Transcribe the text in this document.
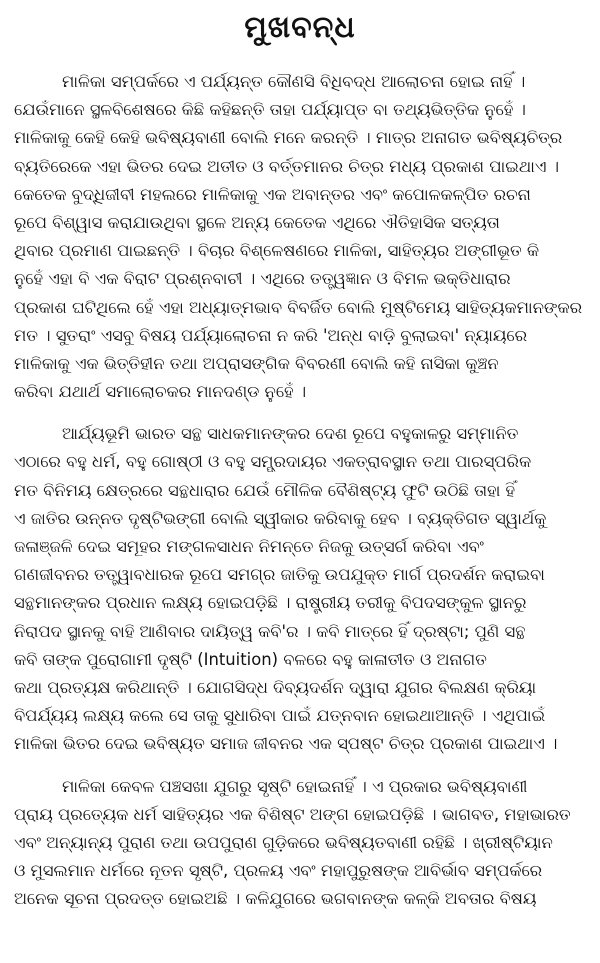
ମୁଖବନ୍ଧ
ମାଳିକା ସମ୍ପର୍କରେ ଏ ପର୍ଯ୍ୟନ୍ତ କୌଣସି ବିଧିବଦ୍ଧ ଆଲୋଚନା ହୋଇ ନାହିଁ ।
ଯେଉଁମାନେ ସ୍ଥଳବିଶେଷରେ କିଛି କହିଛନ୍ତି ତାହା ପର୍ଯ୍ୟାପ୍ତ ବା ତଥ୍ୟଭିତ୍ତିକ ନୁହେଁ ।
ମାଳିକାକୁ କେହି କେହି ଭବିଷ୍ୟବାଣୀ ବୋଲି ମନେ କରନ୍ତି । ମାତ୍ର ଅନାଗତ ଭବିଷ୍ୟଚିତ୍ର
ବ୍ୟତିରେକେ ଏହା ଭିତର ଦେଇ ଅତୀତ ଓ ବର୍ତ୍ତମାନର ଚିତ୍ର ମଧ୍ୟ ପ୍ରକାଶ ପାଇଥାଏ ।
କେତେକ ବୁଦ୍ଧିଜୀବୀ ମହଲରେ ମାଳିକାକୁ ଏକ ଅବାନ୍ତର ଏବଂ କପୋଳକଳ୍ପିତ ରଚନା
ରୂପେ ବିଶ୍ୱାସ କରାଯାଉଥିବା ସ୍ଥଳେ ଅନ୍ୟ କେତେକ ଏଥିରେ ଐତିହାସିକ ସତ୍ୟତା
ଥିବାର ପ୍ରମାଣ ପାଇଛନ୍ତି । ବିଚାର ବିଶ୍ଳେଷଣରେ ମାଳିକା, ସାହିତ୍ୟର ଅଙ୍ଗୀଭୂତ କି
ନୁହେଁ ଏହା ବି ଏକ ବିରାଟ ପ୍ରଶ୍ନବାଚୀ । ଏଥିରେ ତତ୍ତ୍ୱଜ୍ଞାନ ଓ ବିମଳ ଭକ୍ତିଧାରାର
ପ୍ରକାଶ ଘଟିଥିଲେ ହେଁ ଏହା ଅଧ୍ୟାତ୍ମଭାବ ବିବର୍ଜିତ ବୋଲି ମୁଷ୍ଟିମେୟ ସାହିତ୍ୟକମାନଙ୍କର
ମତ । ସୁତରାଂ ଏସବୁ ବିଷୟ ପର୍ଯ୍ୟାଲୋଚନା ନ କରି 'ଅନ୍ଧ ବାଡ଼ି ବୁଲାଇବା' ନ୍ୟାୟରେ
ମାଳିକାକୁ ଏକ ଭିତ୍ତିହୀନ ତଥା ଅପ୍ରାସଙ୍ଗିକ ବିବରଣୀ ବୋଲି କହି ନାସିକା କୁଞ୍ଚନ
କରିବା ଯଥାର୍ଥ ସମାଲୋଚକର ମାନଦଣ୍ଡ ନୁହେଁ ।
ଆର୍ଯ୍ୟଭୂମି ଭାରତ ସନ୍ଥ ସାଧକମାନଙ୍କର ଦେଶ ରୂପେ ବହୁକାଳରୁ ସମ୍ମାନିତ
ଏଠାରେ ବହୁ ଧର୍ମ, ବହୁ ଗୋଷ୍ଠୀ ଓ ବହୁ ସମ୍ପ୍ରଦାୟର ଏକତ୍ରାବସ୍ଥାନ ତଥା ପାରସ୍ପରିକ
ମତ ବିନିମୟ କ୍ଷେତ୍ରରେ ସନ୍ଥଧାରାର ଯେଉଁ ମୌଳିକ ବୈଶିଷ୍ଟ୍ୟ ଫୁଟି ଉଠିଛି ତାହା ହିଁ
ଏ ଜାତିର ଉନ୍ନତ ଦୃଷ୍ଟିଭଙ୍ଗୀ ବୋଲି ସ୍ୱୀକାର କରିବାକୁ ହେବ । ବ୍ୟକ୍ତିଗତ ସ୍ୱାର୍ଥକୁ
ଜଳାଞ୍ଜଳି ଦେଇ ସମୂହର ମଙ୍ଗଳସାଧନ ନିମନ୍ତେ ନିଜକୁ ଉତ୍ସର୍ଗ କରିବା ଏବଂ
ଗଣଜୀବନର ତତ୍ତ୍ୱାବଧାରକ ରୂପେ ସମଗ୍ର ଜାତିକୁ ଉପଯୁକ୍ତ ମାର୍ଗ ପ୍ରଦର୍ଶନ କରାଇବା
ସନ୍ଥମାନଙ୍କର ପ୍ରଧାନ ଲକ୍ଷ୍ୟ ହୋଇପଡ଼ିଛି । ରାଷ୍ଟ୍ରୀୟ ତରୀକୁ ବିପଦସଙ୍କୁଳ ସ୍ଥାନରୁ
ନିରାପଦ ସ୍ଥାନକୁ ବାହି ଆଣିବାର ଦାୟିତ୍ୱ କବି'ର । କବି ମାତ୍ରେ ହିଁ ଦ୍ରଷ୍ଟା; ପୁଣି ସନ୍ଥ
କବି ତାଙ୍କ ପୁରୋଗାମୀ ଦୃଷ୍ଟି (Intuition) ବଳରେ ବହୁ କାଳାତୀତ ଓ ଅନାଗତ
କଥା ପ୍ରତ୍ୟକ୍ଷ କରିଥାନ୍ତି । ଯୋଗସିଦ୍ଧ ଦିବ୍ୟଦର୍ଶନ ଦ୍ୱାରା ଯୁଗର ବିଲକ୍ଷଣ କ୍ରିୟା
ବିପର୍ଯ୍ୟୟ ଲକ୍ଷ୍ୟ କଲେ ସେ ତାକୁ ସୁଧାରିବା ପାଇଁ ଯତ୍ନବାନ ହୋଇଥାଆନ୍ତି । ଏଥିପାଇଁ
ମାଳିକା ଭିତର ଦେଇ ଭବିଷ୍ୟତ ସମାଜ ଜୀବନର ଏକ ସ୍ପଷ୍ଟ ଚିତ୍ର ପ୍ରକାଶ ପାଇଥାଏ ।
ମାଳିକା କେବଳ ପଞ୍ଚସଖା ଯୁଗରୁ ସୃଷ୍ଟି ହୋଇନାହିଁ । ଏ ପ୍ରକାର ଭବିଷ୍ୟବାଣୀ
ପ୍ରାୟ ପ୍ରତ୍ୟେକ ଧର୍ମ ସାହିତ୍ୟର ଏକ ବିଶିଷ୍ଟ ଅଙ୍ଗ ହୋଇପଡ଼ିଛି । ଭାଗବତ, ମହାଭାରତ
ଏବଂ ଅନ୍ୟାନ୍ୟ ପୁରାଣ ତଥା ଉପପୁରାଣ ଗୁଡ଼ିକରେ ଭବିଷ୍ୟତବାଣୀ ରହିଛି । ଖ୍ରୀଷ୍ଟିୟାନ
ଓ ମୁସଲମାନ ଧର୍ମରେ ନୂତନ ସୃଷ୍ଟି, ପ୍ରଳୟ ଏବଂ ମହାପୁରୁଷଙ୍କ ଆବିର୍ଭାବ ସମ୍ପର୍କରେ
ଅନେକ ସୂଚନା ପ୍ରଦତ୍ତ ହୋଇଅଛି । କଳିଯୁଗରେ ଭଗବାନଙ୍କ କଳ୍କି ଅବତାର ବିଷୟ
